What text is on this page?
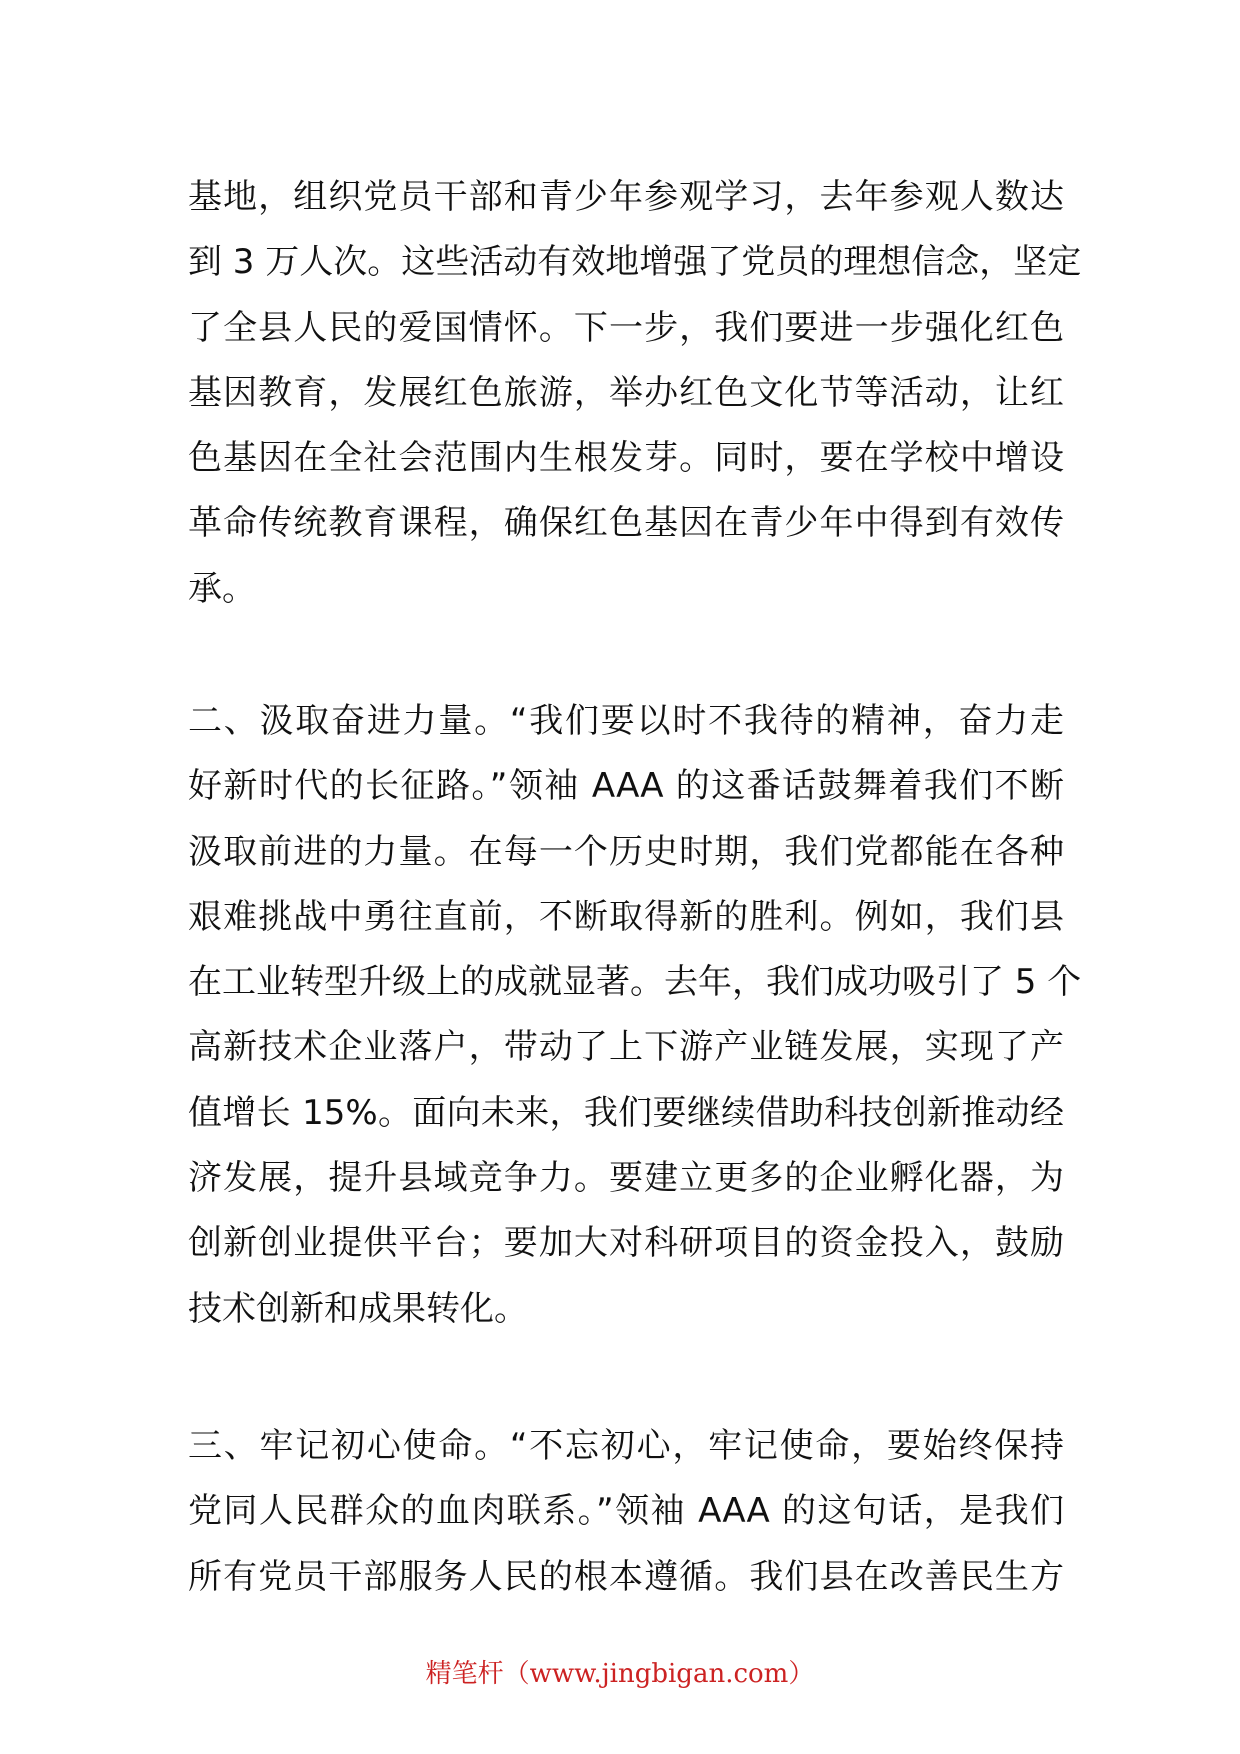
基地，组织党员干部和青少年参观学习，去年参观人数达
到 3 万人次。这些活动有效地增强了党员的理想信念，坚定
了全县人民的爱国情怀。下一步，我们要进一步强化红色
基因教育，发展红色旅游，举办红色文化节等活动，让红
色基因在全社会范围内生根发芽。同时，要在学校中增设
革命传统教育课程，确保红色基因在青少年中得到有效传
承。
二、汲取奋进力量。“我们要以时不我待的精神，奋力走
好新时代的长征路。”领袖 AAA 的这番话鼓舞着我们不断
汲取前进的力量。在每一个历史时期，我们党都能在各种
艰难挑战中勇往直前，不断取得新的胜利。例如，我们县
在工业转型升级上的成就显著。去年，我们成功吸引了 5 个
高新技术企业落户，带动了上下游产业链发展，实现了产
值增长 15%。面向未来，我们要继续借助科技创新推动经
济发展，提升县域竞争力。要建立更多的企业孵化器，为
创新创业提供平台；要加大对科研项目的资金投入，鼓励
技术创新和成果转化。
三、牢记初心使命。“不忘初心，牢记使命，要始终保持
党同人民群众的血肉联系。”领袖 AAA 的这句话，是我们
所有党员干部服务人民的根本遵循。我们县在改善民生方
精笔杆（www.jingbigan.com）
